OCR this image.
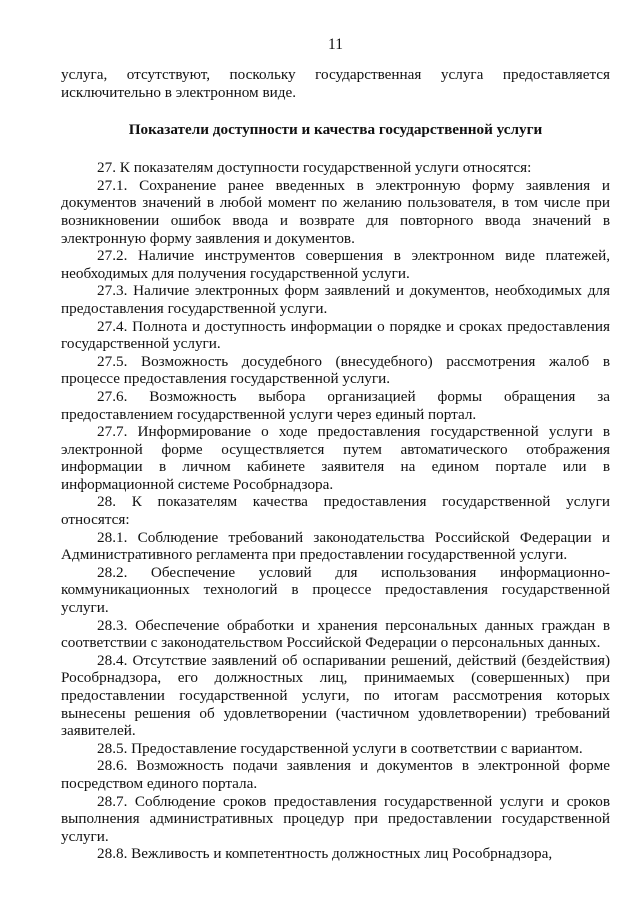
11

услуга, отсутствуют, поскольку государственная услуга предоставляется исключительно в электронном виде.

Показатели доступности и качества государственной услуги

27. К показателям доступности государственной услуги относятся:

27.1. Сохранение ранее введенных в электронную форму заявления и документов значений в любой момент по желанию пользователя, в том числе при возникновении ошибок ввода и возврате для повторного ввода значений в электронную форму заявления и документов.

27.2. Наличие инструментов совершения в электронном виде платежей, необходимых для получения государственной услуги.

27.3. Наличие электронных форм заявлений и документов, необходимых для предоставления государственной услуги.

27.4. Полнота и доступность информации о порядке и сроках предоставления государственной услуги.

27.5. Возможность досудебного (внесудебного) рассмотрения жалоб в процессе предоставления государственной услуги.

27.6. Возможность выбора организацией формы обращения за предоставлением государственной услуги через единый портал.

27.7. Информирование о ходе предоставления государственной услуги в электронной форме осуществляется путем автоматического отображения информации в личном кабинете заявителя на едином портале или в информационной системе Рособрнадзора.

28. К показателям качества предоставления государственной услуги относятся:

28.1. Соблюдение требований законодательства Российской Федерации и Административного регламента при предоставлении государственной услуги.

28.2. Обеспечение условий для использования информационно-коммуникационных технологий в процессе предоставления государственной услуги.

28.3. Обеспечение обработки и хранения персональных данных граждан в соответствии с законодательством Российской Федерации о персональных данных.

28.4. Отсутствие заявлений об оспаривании решений, действий (бездействия) Рособрнадзора, его должностных лиц, принимаемых (совершенных) при предоставлении государственной услуги, по итогам рассмотрения которых вынесены решения об удовлетворении (частичном удовлетворении) требований заявителей.

28.5. Предоставление государственной услуги в соответствии с вариантом.

28.6. Возможность подачи заявления и документов в электронной форме посредством единого портала.

28.7. Соблюдение сроков предоставления государственной услуги и сроков выполнения административных процедур при предоставлении государственной услуги.

28.8. Вежливость и компетентность должностных лиц Рособрнадзора,
